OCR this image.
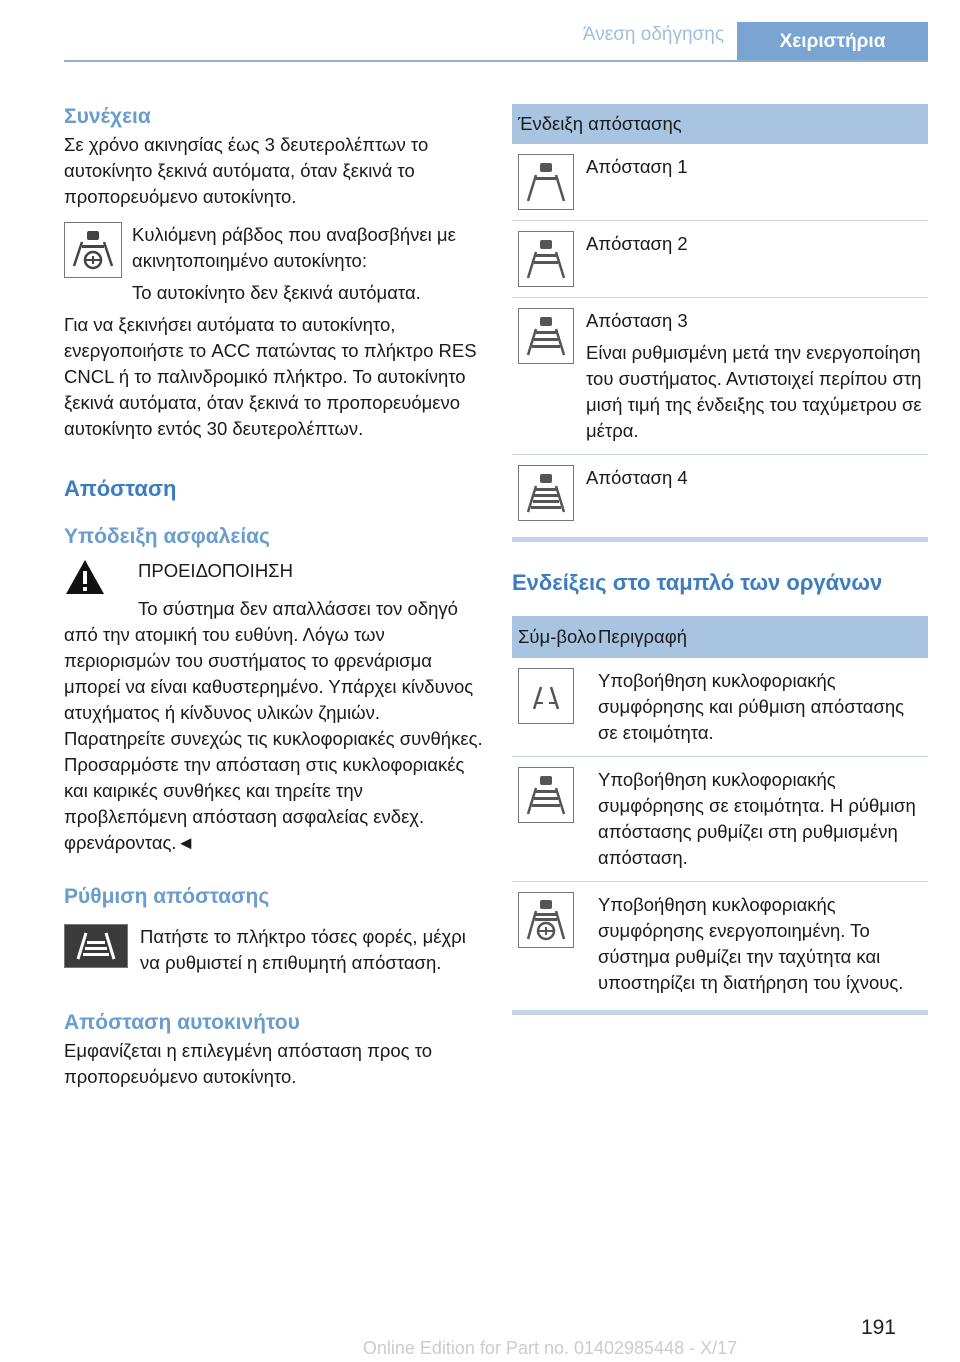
Άνεση οδήγησης	Χειριστήρια
Συνέχεια
Σε χρόνο ακινησίας έως 3 δευτερολέπτων το αυτοκίνητο ξεκινά αυτόματα, όταν ξεκινά το προπορευόμενο αυτοκίνητο.
Κυλιόμενη ράβδος που αναβοσβήνει με ακινητοποιημένο αυτοκίνητο:
Το αυτοκίνητο δεν ξεκινά αυτόματα.
Για να ξεκινήσει αυτόματα το αυτοκίνητο, ενεργοποιήστε το ACC πατώντας το πλήκτρο RES CNCL ή το παλινδρομικό πλήκτρο. Το αυτοκίνητο ξεκινά αυτόματα, όταν ξεκινά το προπορευόμενο αυτοκίνητο εντός 30 δευτερολέπτων.
Απόσταση
Υπόδειξη ασφαλείας
ΠΡΟΕΙΔΟΠΟΙΗΣΗ
Το σύστημα δεν απαλλάσσει τον οδηγό από την ατομική του ευθύνη. Λόγω των περιορισμών του συστήματος το φρενάρισμα μπορεί να είναι καθυστερημένο. Υπάρχει κίνδυνος ατυχήματος ή κίνδυνος υλικών ζημιών. Παρατηρείτε συνεχώς τις κυκλοφοριακές συνθήκες. Προσαρμόστε την απόσταση στις κυκλοφοριακές και καιρικές συνθήκες και τηρείτε την προβλεπόμενη απόσταση ασφαλείας ενδεχ. φρενάροντας.◄
Ρύθμιση απόστασης
Πατήστε το πλήκτρο τόσες φορές, μέχρι να ρυθμιστεί η επιθυμητή απόσταση.
Απόσταση αυτοκινήτου
Εμφανίζεται η επιλεγμένη απόσταση προς το προπορευόμενο αυτοκίνητο.
Ένδειξη απόστασης
Απόσταση 1
Απόσταση 2
Απόσταση 3
Είναι ρυθμισμένη μετά την ενεργοποίηση του συστήματος. Αντιστοιχεί περίπου στη μισή τιμή της ένδειξης του ταχύμετρου σε μέτρα.
Απόσταση 4
Ενδείξεις στο ταμπλό των οργάνων
Σύμ-βολο Περιγραφή
Υποβοήθηση κυκλοφοριακής συμφόρησης και ρύθμιση απόστασης σε ετοιμότητα.
Υποβοήθηση κυκλοφοριακής συμφόρησης σε ετοιμότητα. Η ρύθμιση απόστασης ρυθμίζει στη ρυθμισμένη απόσταση.
Υποβοήθηση κυκλοφοριακής συμφόρησης ενεργοποιημένη. Το σύστημα ρυθμίζει την ταχύτητα και υποστηρίζει τη διατήρηση του ίχνους.
191
Online Edition for Part no. 01402985448 - X/17
